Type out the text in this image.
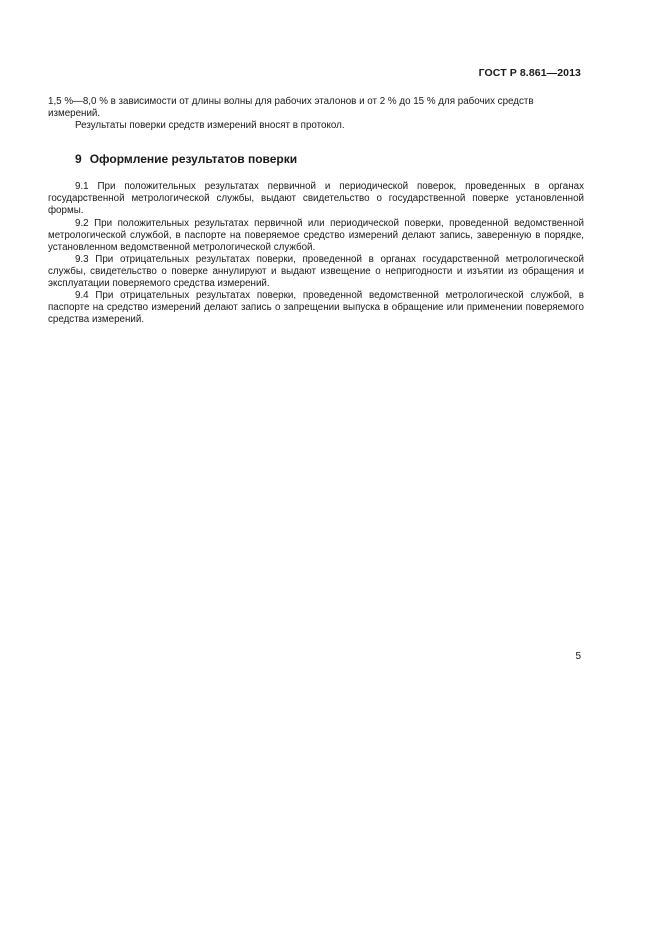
ГОСТ Р 8.861—2013

1,5 %—8,0 % в зависимости от длины волны для рабочих эталонов и от 2 % до 15 % для рабочих средств
измерений.

Результаты поверки средств измерений вносят в протокол.

9 Оформление результатов поверки

9.1 При положительных результатах первичной и периодической поверок, проведенных в органах государственной метрологической службы, выдают свидетельство о государственной поверке установленной формы.

9.2 При положительных результатах первичной или периодической поверки, проведенной ведомственной метрологической службой, в паспорте на поверяемое средство измерений делают запись, заверенную в порядке, установленном ведомственной метрологической службой.

9.3 При отрицательных результатах поверки, проведенной в органах государственной метрологической службы, свидетельство о поверке аннулируют и выдают извещение о непригодности и изъятии из обращения и эксплуатации поверяемого средства измерений.

9.4 При отрицательных результатах поверки, проведенной ведомственной метрологической службой, в паспорте на средство измерений делают запись о запрещении выпуска в обращение или применении поверяемого средства измерений.

5
